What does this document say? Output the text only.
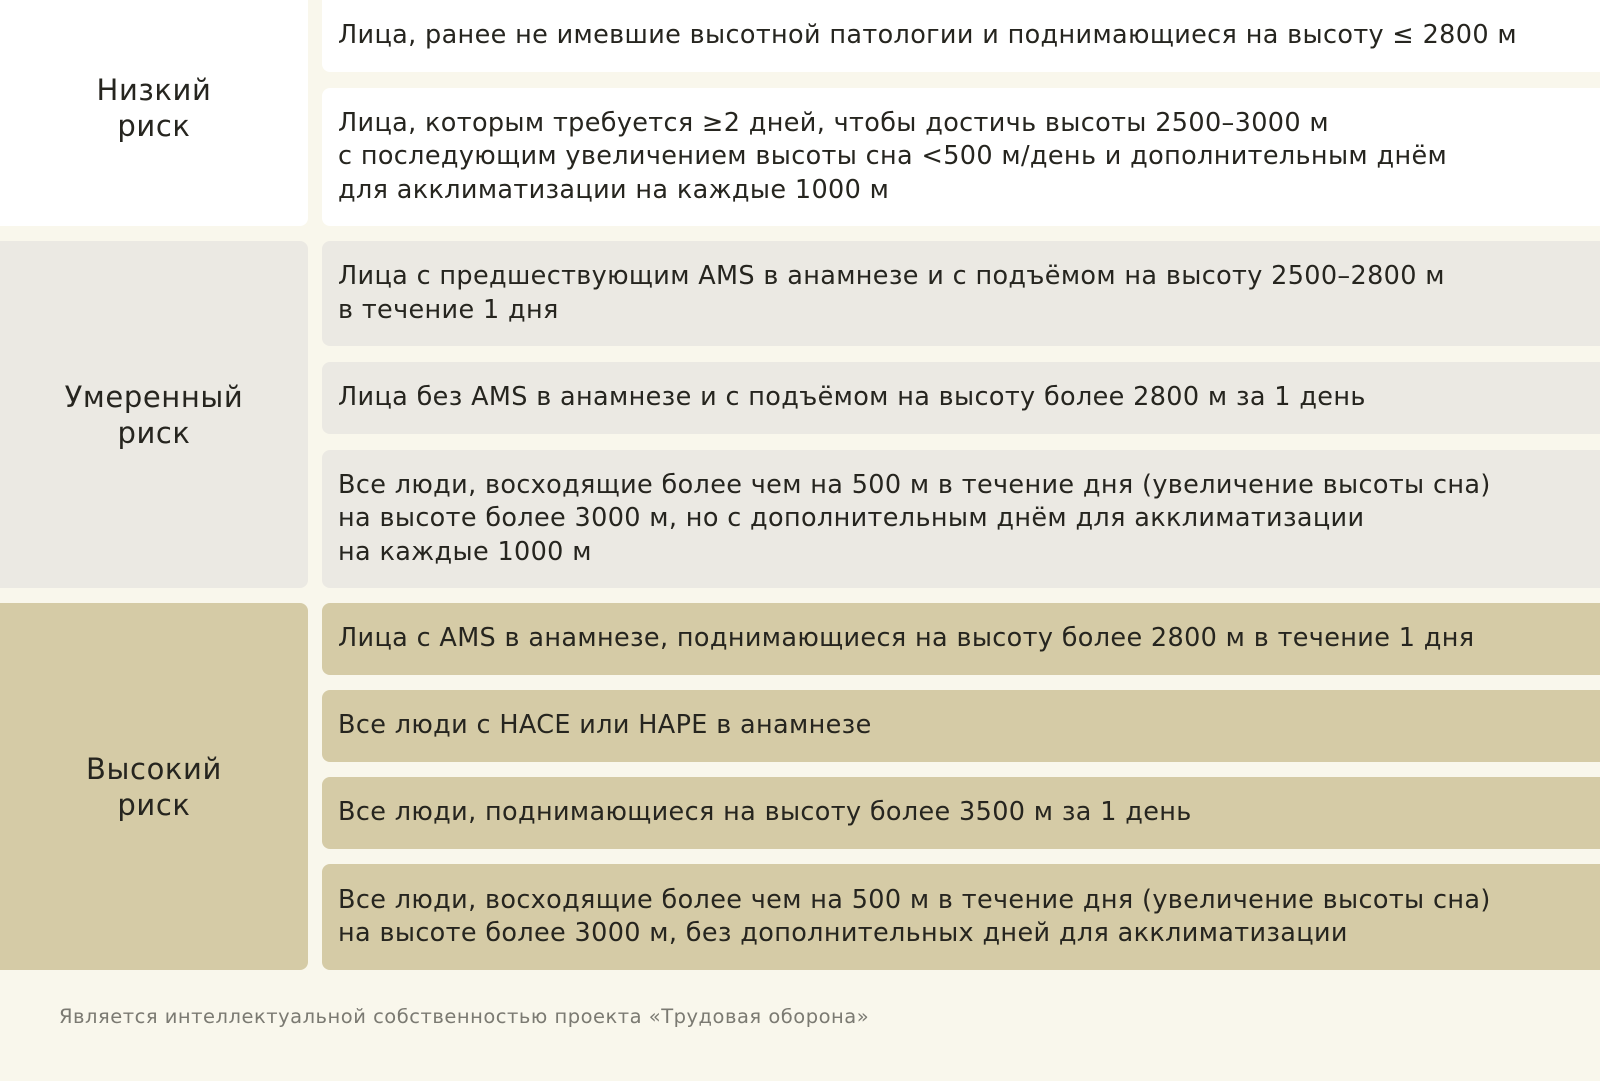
Низкий
риск
Лица, ранее не имевшие высотной патологии и поднимающиеся на высоту ≤ 2800 м
Лица, которым требуется ≥2 дней, чтобы достичь высоты 2500–3000 м
с последующим увеличением высоты сна <500 м/день и дополнительным днём
для акклиматизации на каждые 1000 м
Умеренный
риск
Лица с предшествующим AMS в анамнезе и с подъёмом на высоту 2500–2800 м
в течение 1 дня
Лица без AMS в анамнезе и с подъёмом на высоту более 2800 м за 1 день
Все люди, восходящие более чем на 500 м в течение дня (увеличение высоты сна)
на высоте более 3000 м, но с дополнительным днём для акклиматизации
на каждые 1000 м
Высокий
риск
Лица с AMS в анамнезе, поднимающиеся на высоту более 2800 м в течение 1 дня
Все люди с HACE или HAPE в анамнезе
Все люди, поднимающиеся на высоту более 3500 м за 1 день
Все люди, восходящие более чем на 500 м в течение дня (увеличение высоты сна)
на высоте более 3000 м, без дополнительных дней для акклиматизации
Является интеллектуальной собственностью проекта «Трудовая оборона»
